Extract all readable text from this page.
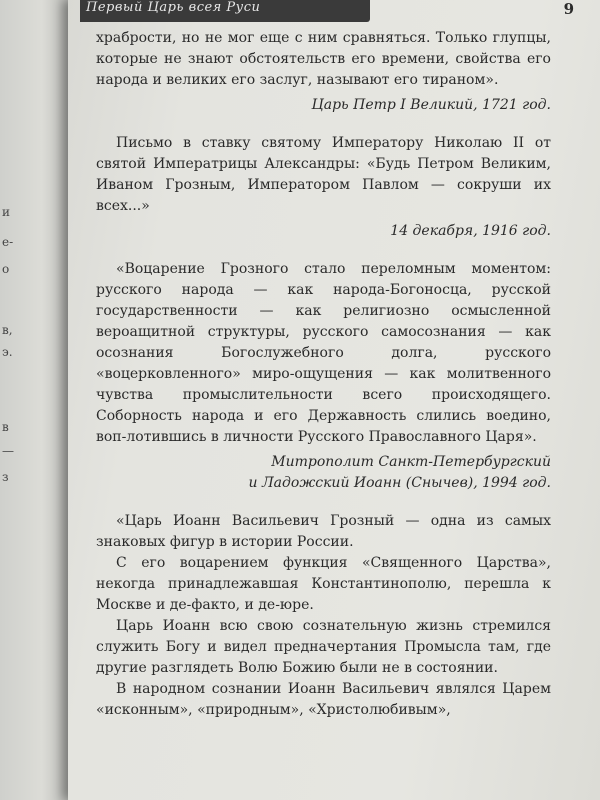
и
е-
о
в,
э.
в
—
з
Первый Царь всея Руси	9

храбрости, но не мог еще с ним сравняться. Только глупцы, которые не знают обстоятельств его времени, свойства его народа и великих его заслуг, называют его тираном».

Царь Петр I Великий, 1721 год.

Письмо в ставку святому Императору Николаю II от святой Императрицы Александры: «Будь Петром Великим, Иваном Грозным, Императором Павлом — сокруши их всех...»

14 декабря, 1916 год.

«Воцарение Грозного стало переломным моментом: русского народа — как народа-Богоносца, русской государственности — как религиозно осмысленной вероащитной структуры, русского самосознания — как осознания Богослужебного долга, русского «воцерковленного» миро-ощущения — как молитвенного чувства промыслительности всего происходящего. Соборность народа и его Державность слились воедино, воп-лотившись в личности Русского Православного Царя».

Митрополит Санкт-Петербургский

и Ладожский Иоанн (Снычев), 1994 год.

«Царь Иоанн Васильевич Грозный — одна из самых знаковых фигур в истории России.

С его воцарением функция «Священного Царства», некогда принадлежавшая Константинополю, перешла к Москве и де-факто, и де-юре.

Царь Иоанн всю свою сознательную жизнь стремился служить Богу и видел предначертания Промысла там, где другие разглядеть Волю Божию были не в состоянии.

В народном сознании Иоанн Васильевич являлся Царем «исконным», «природным», «Христолюбивым»,
